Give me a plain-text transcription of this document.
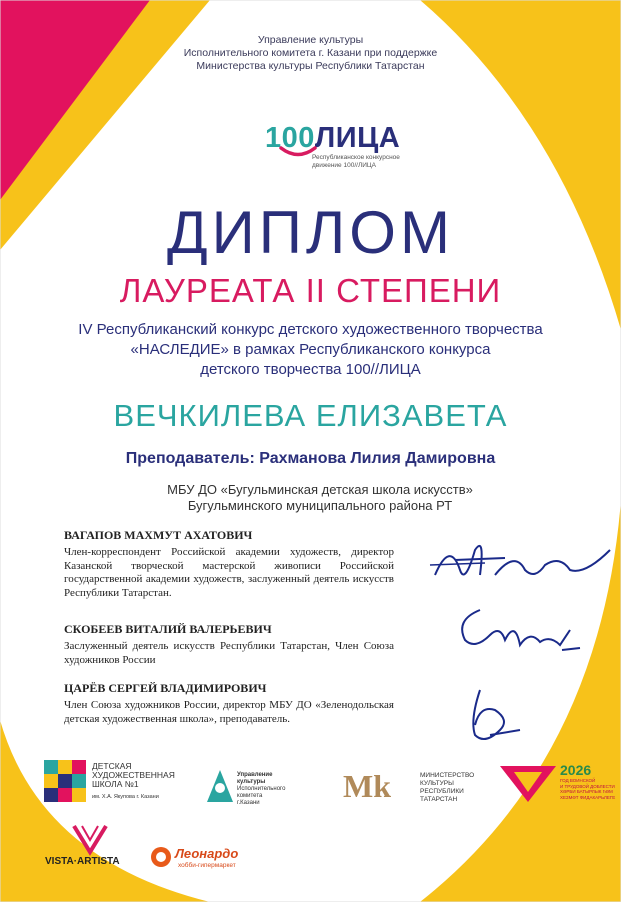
Управление культуры
Исполнительного комитета г. Казани при поддержке
Министерства культуры Республики Татарстан
100ЛИЦА
Республиканское конкурсное
движение 100//ЛИЦА
ДИПЛОМ
ЛАУРЕАТА II СТЕПЕНИ
IV Республиканский конкурс детского художественного творчества
«НАСЛЕДИЕ» в рамках Республиканского конкурса
детского творчества 100//ЛИЦА
ВЕЧКИЛЕВА ЕЛИЗАВЕТА
Преподаватель: Рахманова Лилия Дамировна
МБУ ДО «Бугульминская детская школа искусств»
Бугульминского муниципального района РТ
ВАГАПОВ МАХМУТ АХАТОВИЧ
Член-корреспондент Российской академии художеств, директор Казанской творческой мастерской живописи Российской государственной академии художеств, заслуженный деятель искусств Республики Татарстан.
СКОБЕЕВ ВИТАЛИЙ ВАЛЕРЬЕВИЧ
Заслуженный деятель искусств Республики Татарстан, Член Союза художников России
ЦАРЁВ СЕРГЕЙ ВЛАДИМИРОВИЧ
Член Союза художников России, директор МБУ ДО «Зеленодольская детская художественная школа», преподаватель.
ДЕТСКАЯ
ХУДОЖЕСТВЕННАЯ
ШКОЛА №1
им. Х.А. Якупова г. Казани
Управление
культуры
Исполнительного
комитета
г.Казани	Mk	МИНИСТЕРСТВО
КУЛЬТУРЫ
РЕСПУБЛИКИ
ТАТАРСТАН
2026
ГОД ВОИНСКОЙ
И ТРУДОВОЙ ДОБЛЕСТИ
ХӘРБИ БАТЫРЛЫК ҺӘМ
ХЕЗМӘТ ФИДАКАРЬЛЕГЕ
VISTA·ARTISTA
Леонардо
хобби-гипермаркет
